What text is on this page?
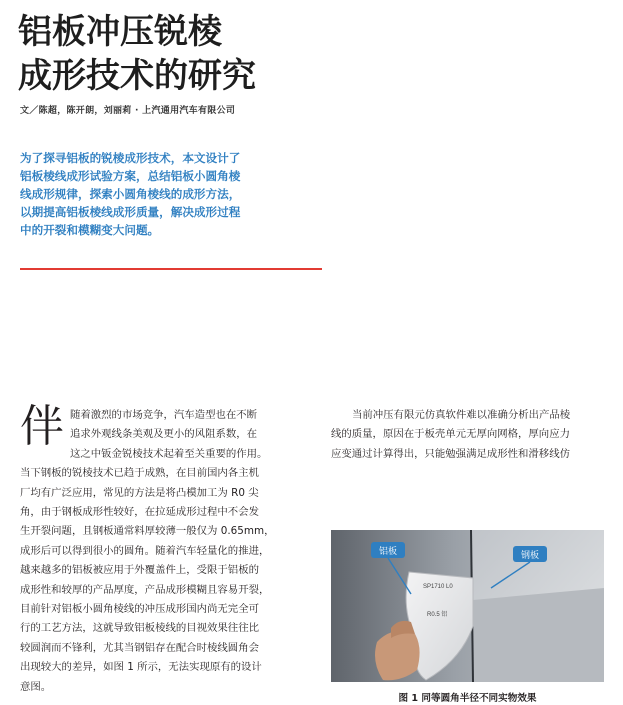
铝板冲压锐棱
成形技术的研究
文／陈超，陈开朗，刘丽莉 · 上汽通用汽车有限公司
为了探寻铝板的锐棱成形技术，本文设计了
铝板棱线成形试验方案，总结铝板小圆角棱
线成形规律，探索小圆角棱线的成形方法，
以期提高铝板棱线成形质量，解决成形过程
中的开裂和模糊变大问题。
伴 随着激烈的市场竞争，汽车造型也在不断
追求外观线条美观及更小的风阻系数，在
这之中钣金锐棱技术起着至关重要的作用。
当下钢板的锐棱技术已趋于成熟，在目前国内各主机
厂均有广泛应用，常见的方法是将凸模加工为 R0 尖
角，由于钢板成形性较好，在拉延成形过程中不会发
生开裂问题，且钢板通常料厚较薄一般仅为 0.65mm，
成形后可以得到很小的圆角。随着汽车轻量化的推进，
越来越多的铝板被应用于外覆盖件上，受限于铝板的
成形性和较厚的产品厚度，产品成形模糊且容易开裂，
目前针对铝板小圆角棱线的冲压成形国内尚无完全可
行的工艺方法，这就导致铝板棱线的目视效果往往比
较圆润而不锋利，尤其当钢铝存在配合时棱线圆角会
出现较大的差异，如图 1 所示，无法实现原有的设计
意图。
当前冲压有限元仿真软件难以准确分析出产品棱
线的质量，原因在于板壳单元无厚向网格，厚向应力
应变通过计算得出，只能勉强满足成形性和滑移线仿
SP1710 L0
R0.5 铝
铝板	钢板
图 1 同等圆角半径不同实物效果
